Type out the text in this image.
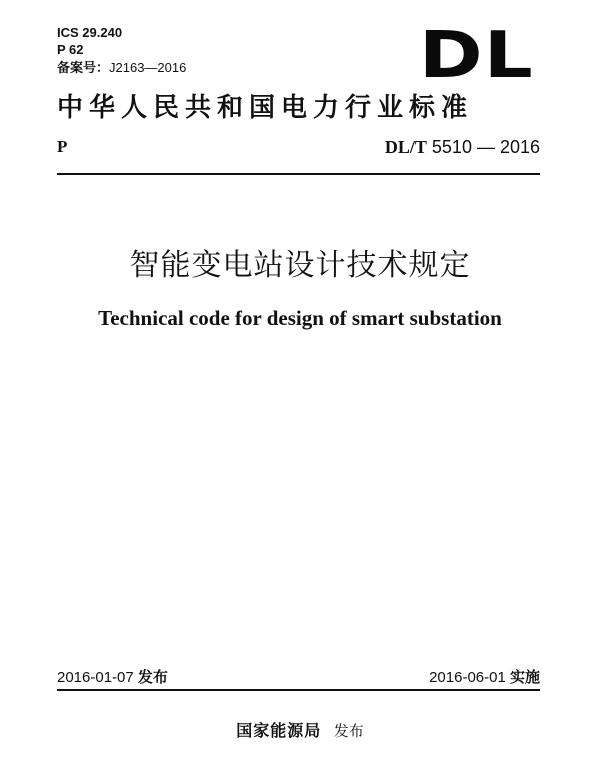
ICS 29.240
P 62
备案号：J2163—2016	DL
中华人民共和国电力行业标准
P	DL/T 5510 — 2016
智能变电站设计技术规定
Technical code for design of smart substation
2016-01-07 发布	2016-06-01 实施
国家能源局 发布
